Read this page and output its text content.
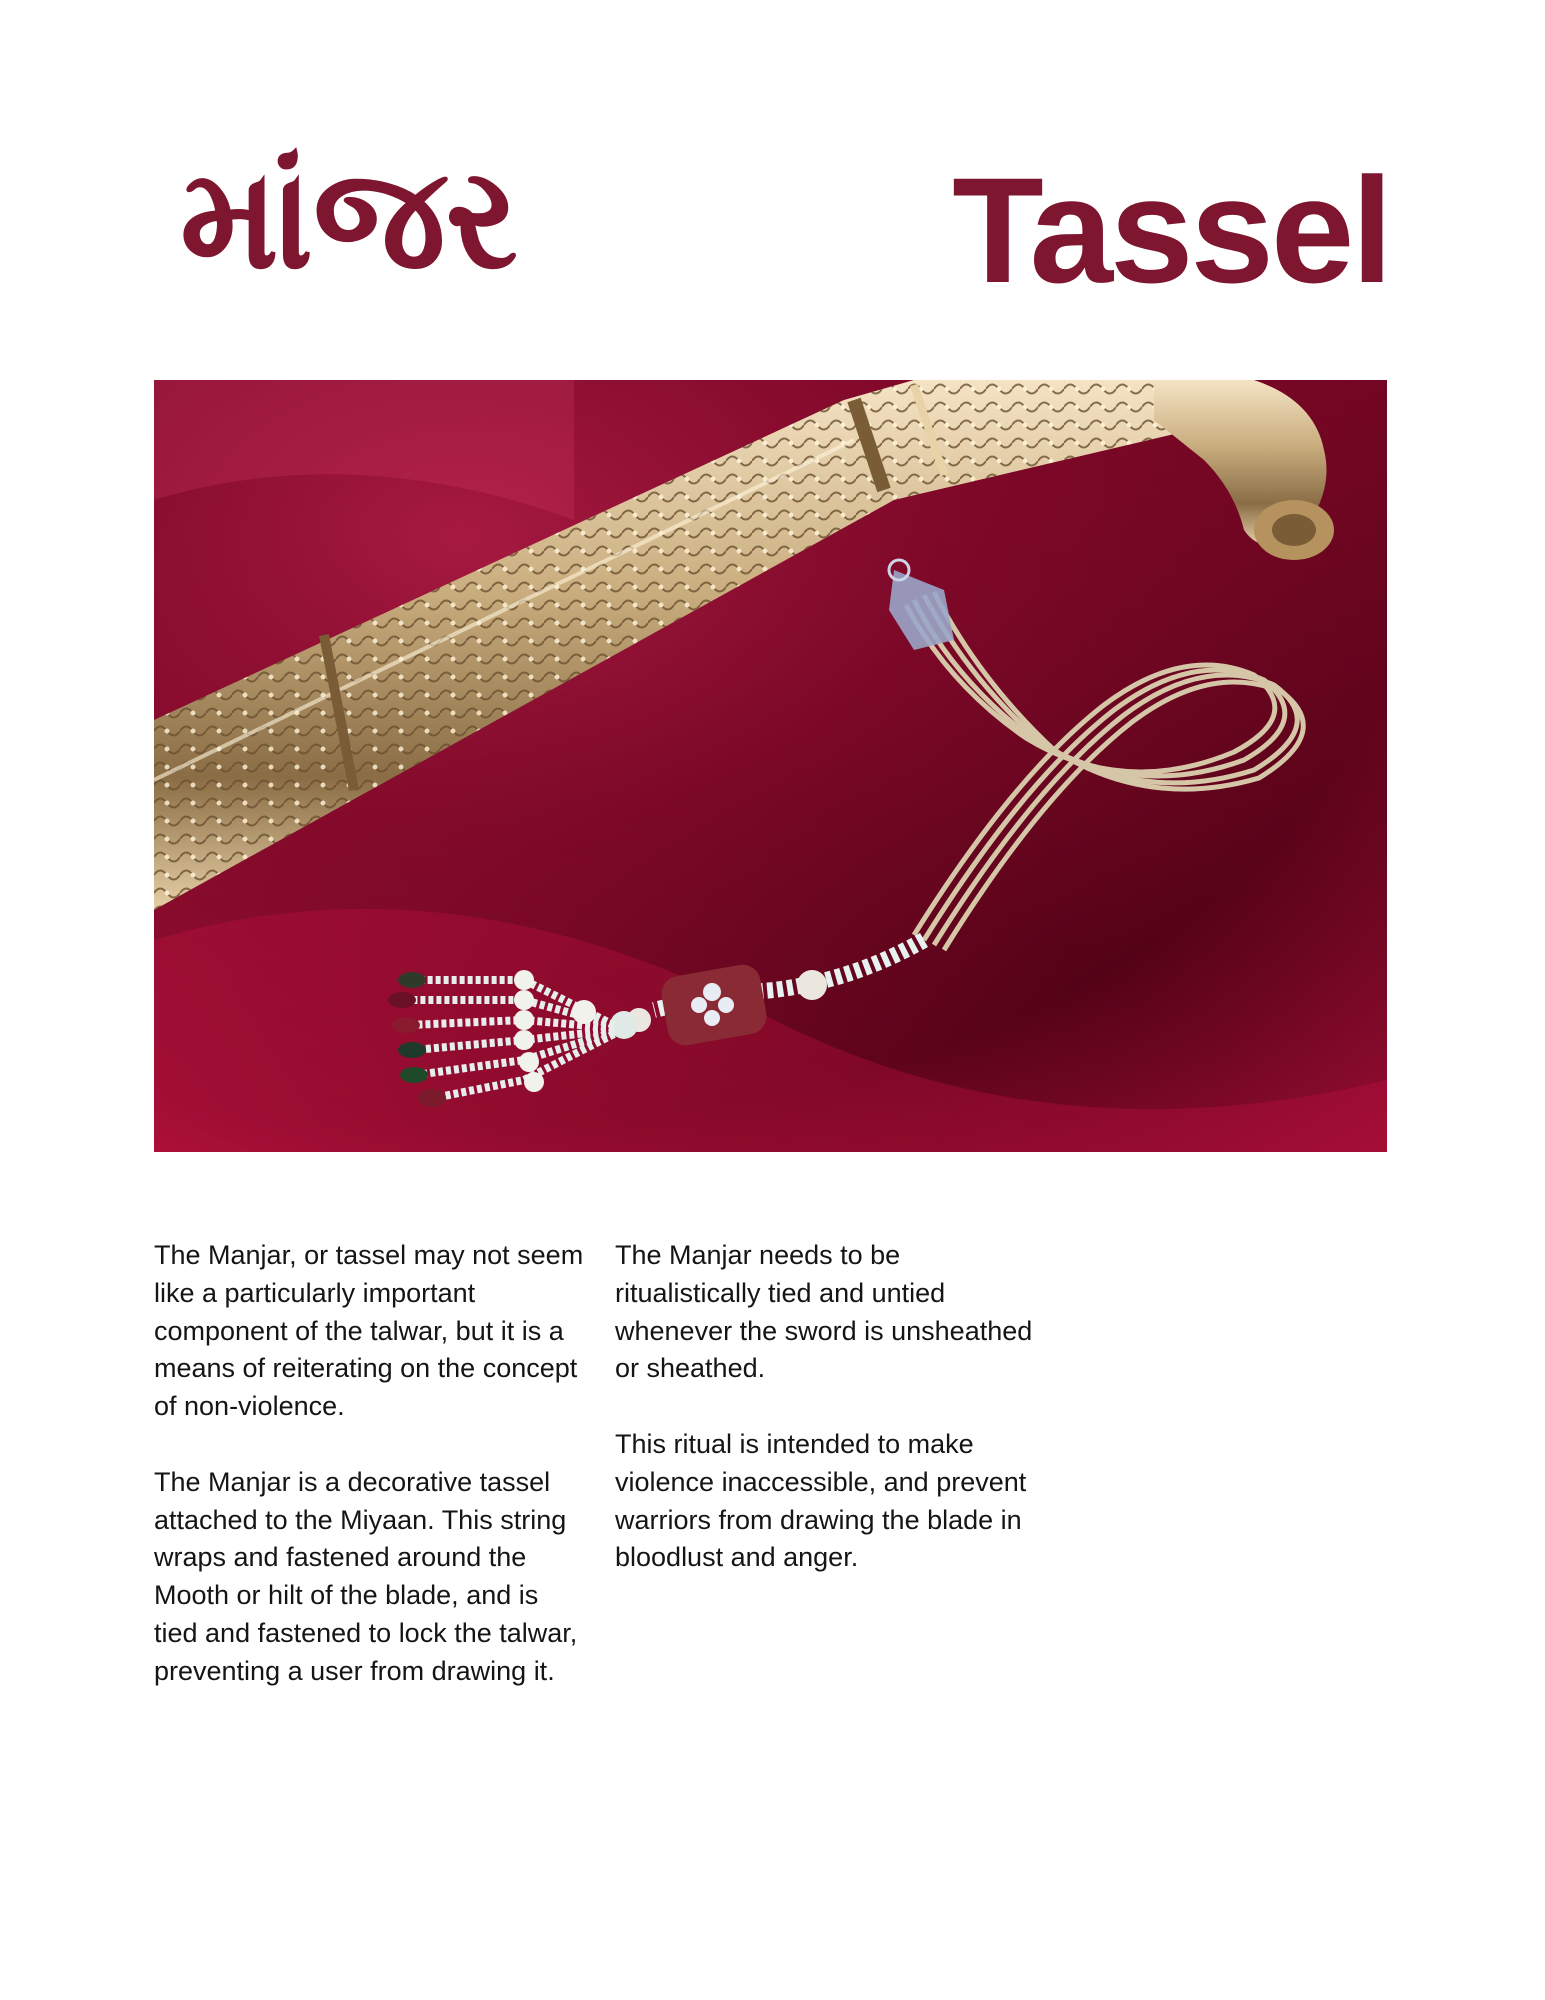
માંજર	Tassel

The Manjar, or tassel may not seem like a particularly important component of the talwar, but it is a means of reiterating on the concept of non-violence.

The Manjar is a decorative tassel attached to the Miyaan. This string wraps and fastened around the Mooth or hilt of the blade, and is tied and fastened to lock the talwar, preventing a user from drawing it.

The Manjar needs to be ritualistically tied and untied whenever the sword is unsheathed or sheathed.

This ritual is intended to make violence inaccessible, and prevent warriors from drawing the blade in bloodlust and anger.
